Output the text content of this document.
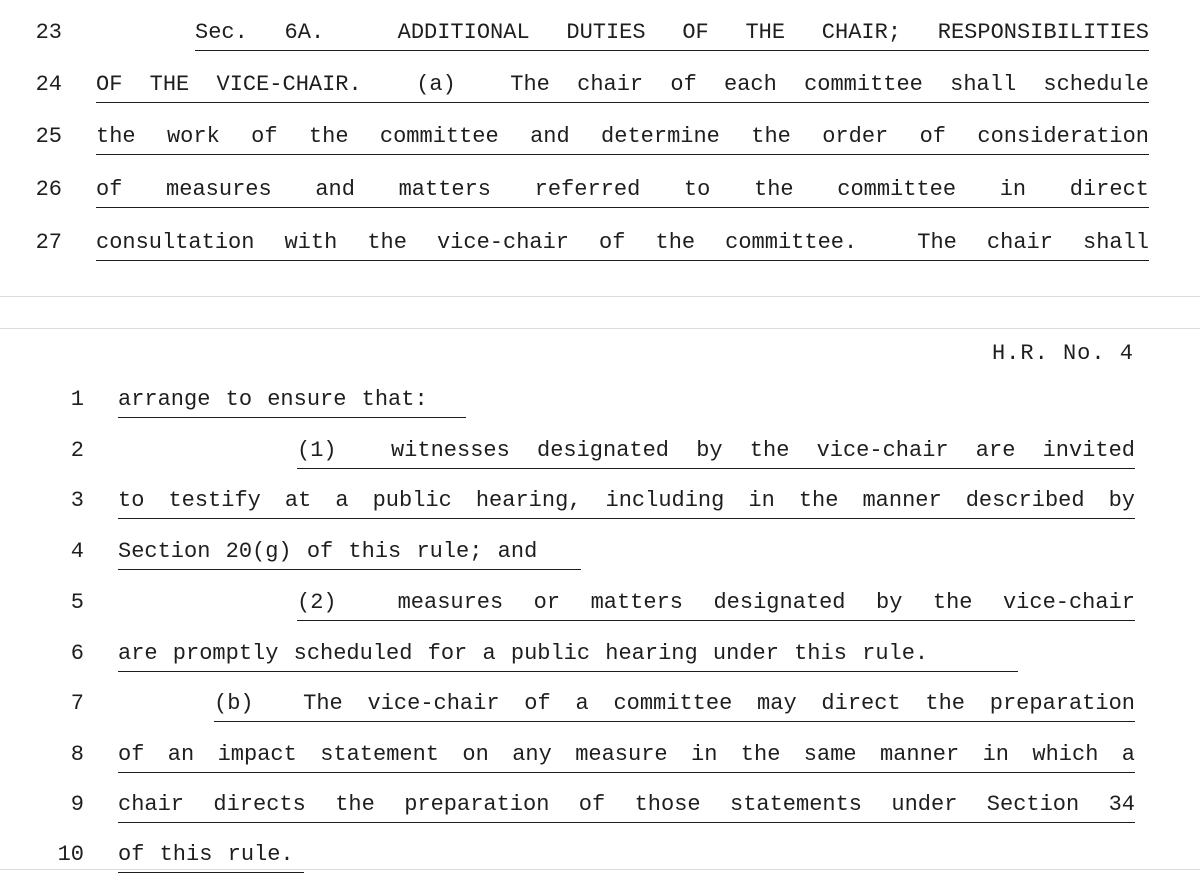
23	Sec. 6A.  ADDITIONAL DUTIES OF THE CHAIR; RESPONSIBILITIES
24 OF THE VICE-CHAIR.  (a)  The chair of each committee shall schedule
25 the work of the committee and determine the order of consideration
26 of measures and matters referred to the committee in direct
27 consultation with the vice-chair of the committee.  The chair shall
H.R. No. 4
1 arrange to ensure that:
2	(1)  witnesses designated by the vice-chair are invited
3 to testify at a public hearing, including in the manner described by
4 Section 20(g) of this rule; and
5	(2)  measures or matters designated by the vice-chair
6 are promptly scheduled for a public hearing under this rule.
7	(b)  The vice-chair of a committee may direct the preparation
8 of an impact statement on any measure in the same manner in which a
9 chair directs the preparation of those statements under Section 34
10 of this rule.
